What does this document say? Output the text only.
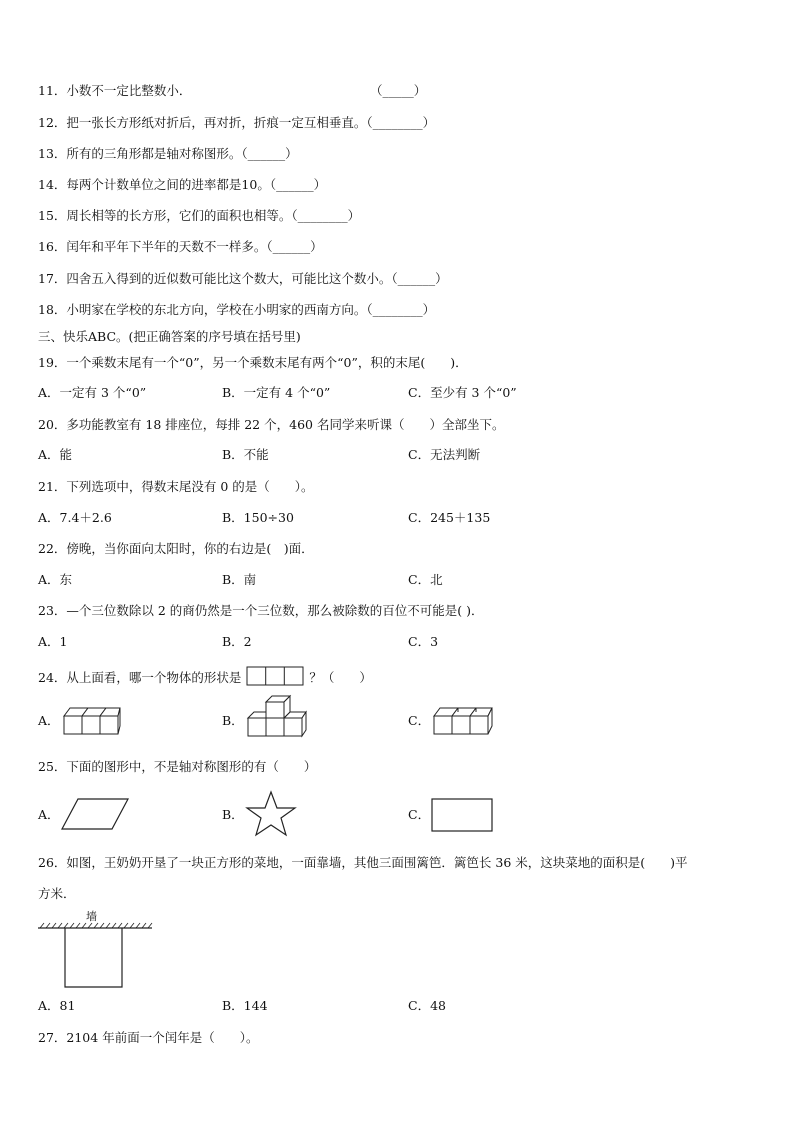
11．小数不一定比整数小．	（_____）
12．把一张长方形纸对折后，再对折，折痕一定互相垂直。（________）
13．所有的三角形都是轴对称图形。（______）
14．每两个计数单位之间的进率都是10。（______）
15．周长相等的长方形，它们的面积也相等。（________）
16．闰年和平年下半年的天数不一样多。（______）
17．四舍五入得到的近似数可能比这个数大，可能比这个数小。（______）
18．小明家在学校的东北方向，学校在小明家的西南方向。（________）
三、快乐ABC。(把正确答案的序号填在括号里)
19．一个乘数末尾有一个“0”，另一个乘数末尾有两个“0”，积的末尾(　　)．
A．一定有 3 个“0”	B．一定有 4 个“0”	C．至少有 3 个“0”
20．多功能教室有 18 排座位，每排 22 个，460 名同学来听课（　　）全部坐下。
A．能	B．不能	C．无法判断
21．下列选项中，得数末尾没有 0 的是（　　）。
A．7.4＋2.6	B．150÷30	C．245＋135
22．傍晚，当你面向太阳时，你的右边是(　)面．
A．东	B．南	C．北
23．—个三位数除以 2 的商仍然是一个三位数，那么被除数的百位不可能是( )．
A．1	B．2	C．3
24．从上面看，哪一个物体的形状是	？（　　）
A．	B．	C．
25．下面的图形中，不是轴对称图形的有（　　）
A．	B．	C．
26．如图，王奶奶开垦了一块正方形的菜地，一面靠墙，其他三面围篱笆．篱笆长 36 米，这块菜地的面积是(　　)平
方米．
墙
A．81	B．144	C．48
27．2104 年前面一个闰年是（　　）。
